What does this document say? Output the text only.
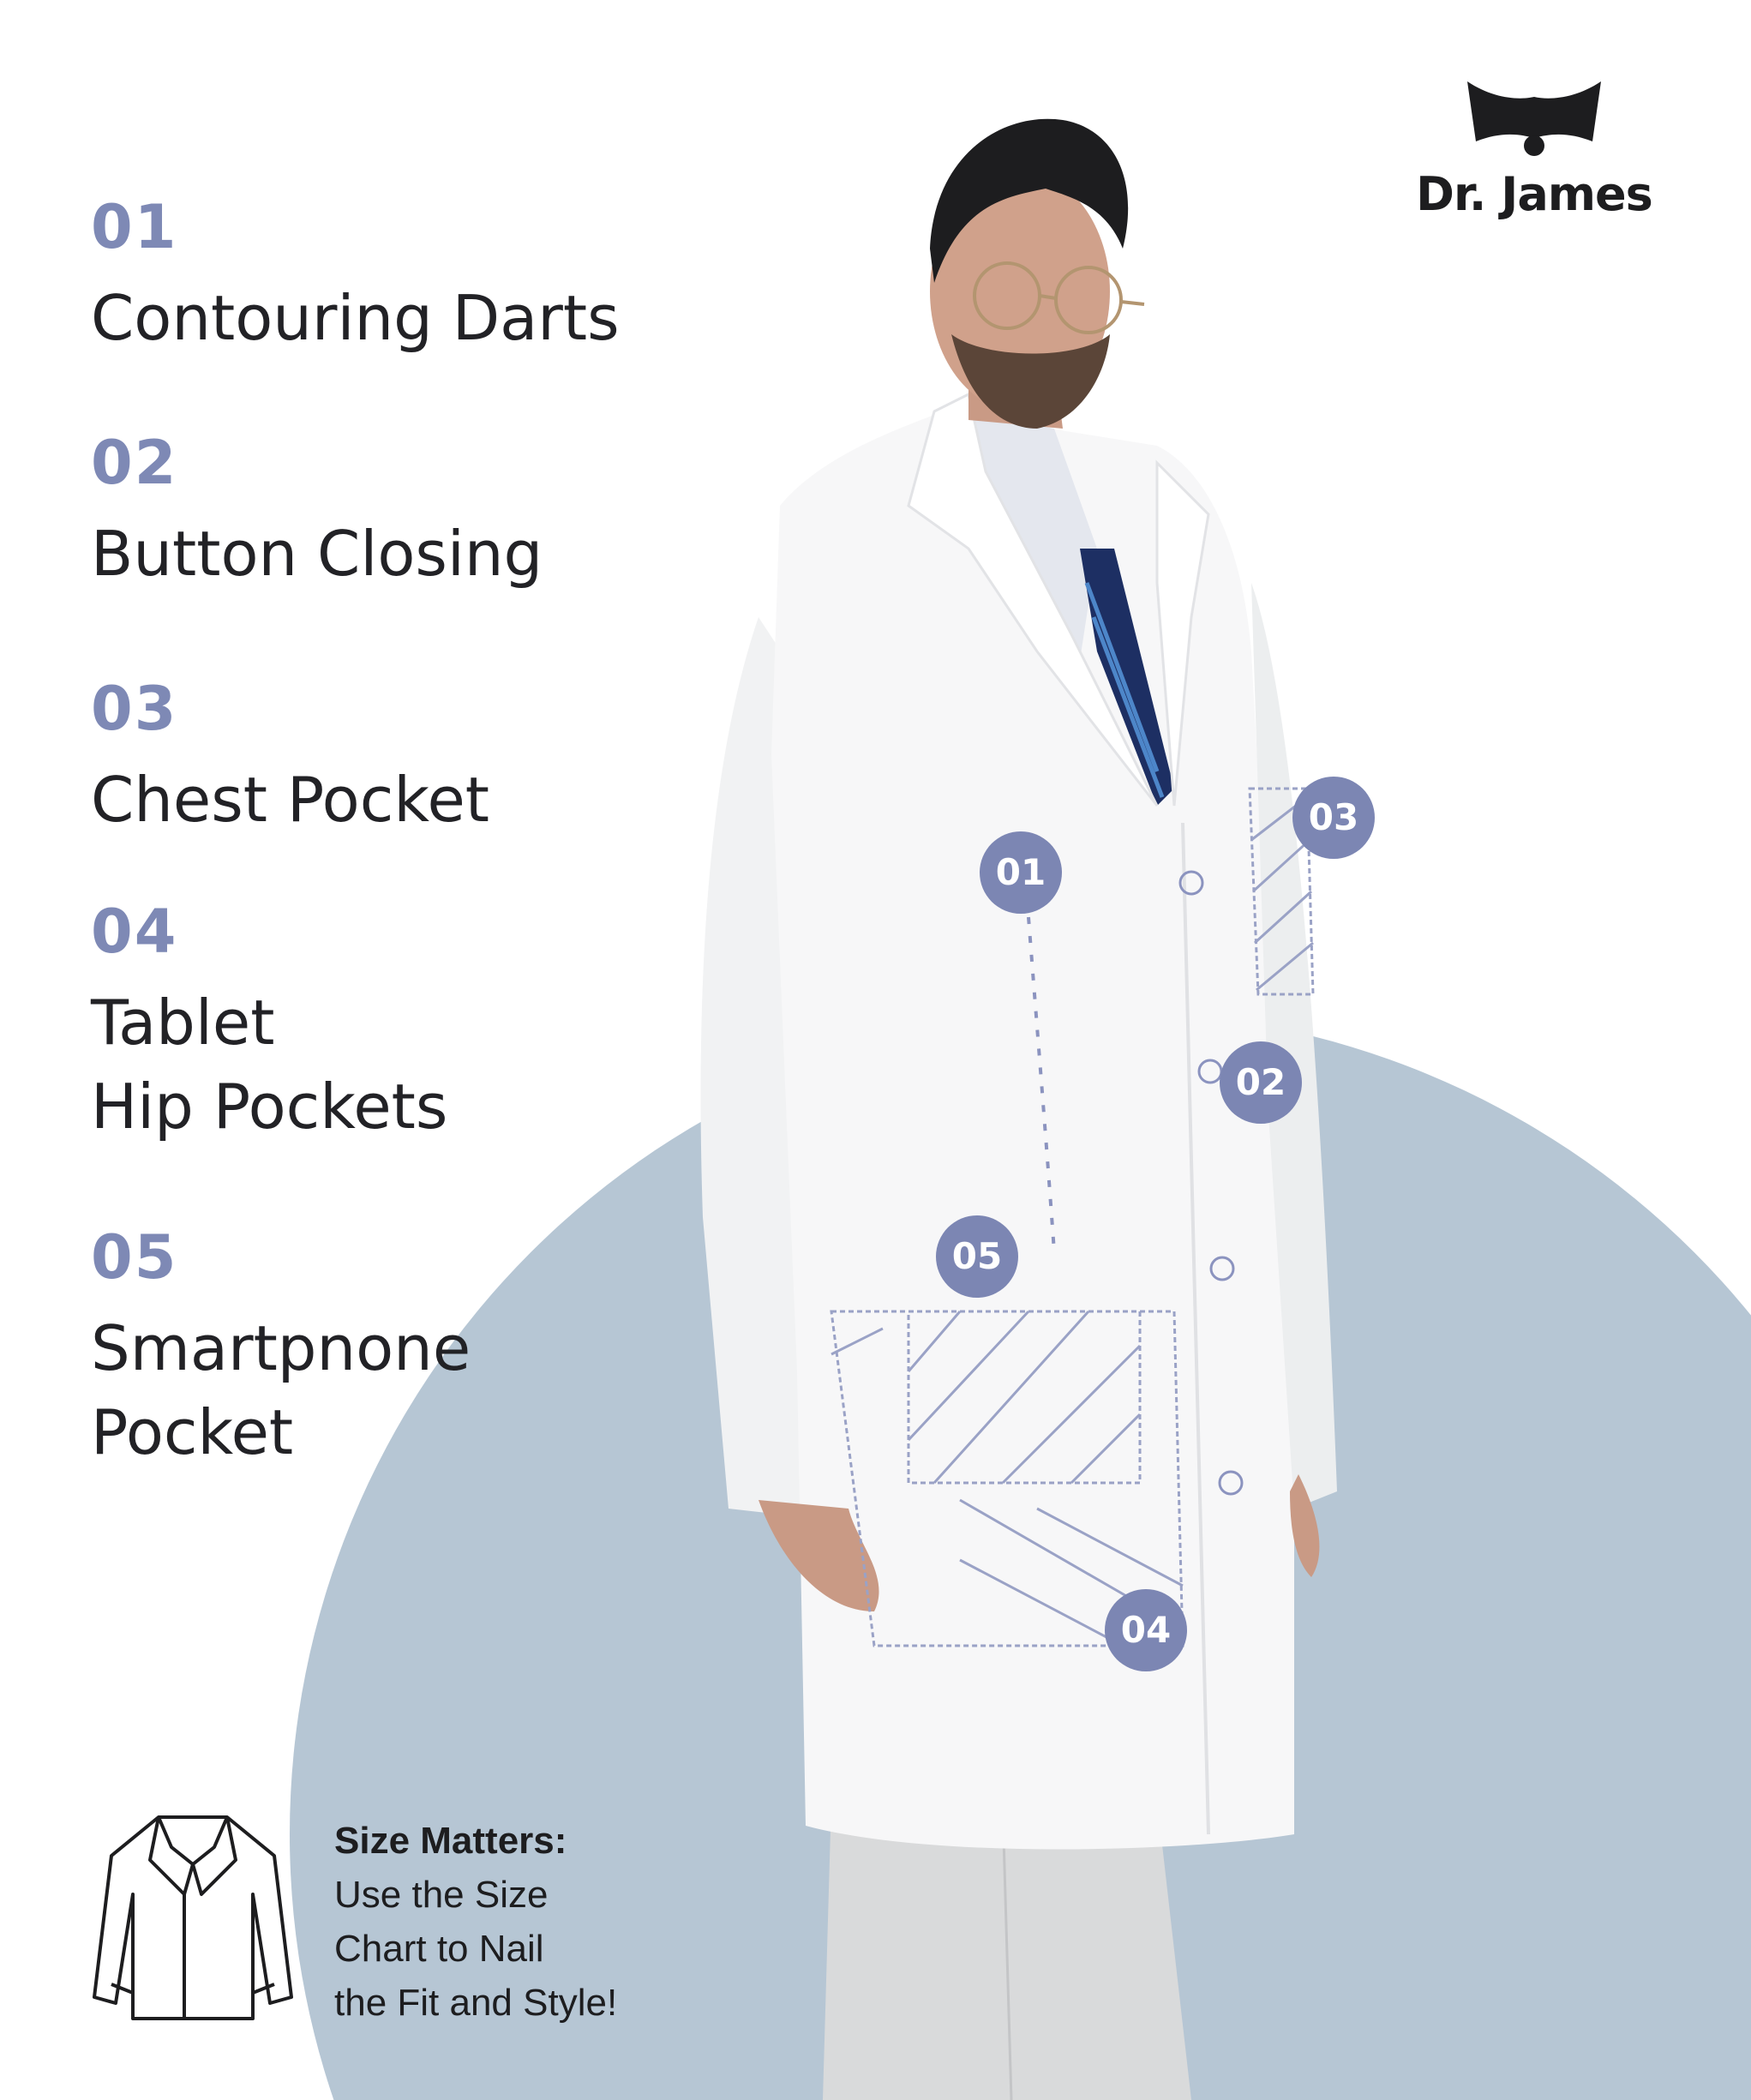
Dr. James
01
Contouring Darts
02
Button Closing
03
Chest Pocket
04
Tablet
Hip Pockets
05
Smartpnone
Pocket
01
02
03
04
05
Size Matters:
Use the Size
Chart to Nail
the Fit and Style!
